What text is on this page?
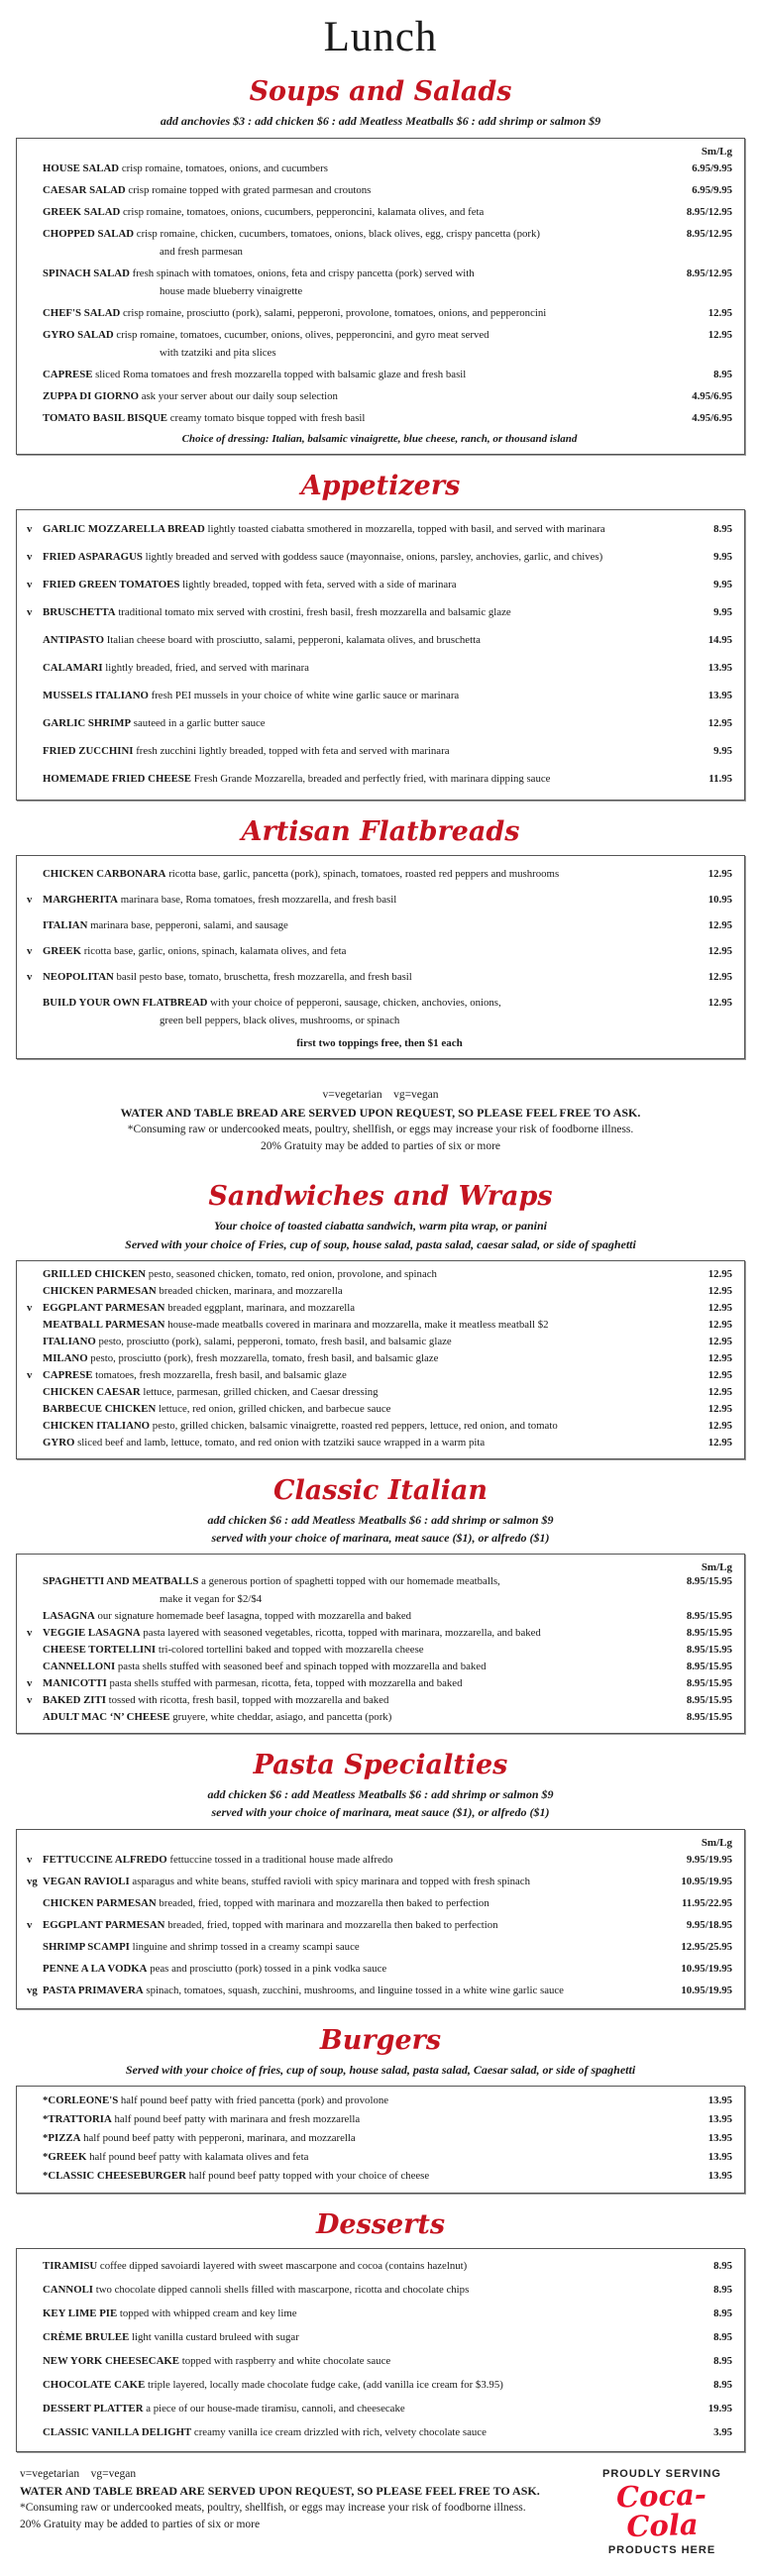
Lunch
Soups and Salads

add anchovies $3 : add chicken $6 : add Meatless Meatballs $6 : add shrimp or salmon $9

Sm/Lg
	HOUSE SALAD crisp romaine, tomatoes, onions, and cucumbers	6.95/9.95
	CAESAR SALAD crisp romaine topped with grated parmesan and croutons	6.95/9.95
	GREEK SALAD crisp romaine, tomatoes, onions, cucumbers, pepperoncini, kalamata olives, and feta	8.95/12.95
	CHOPPED SALAD crisp romaine, chicken, cucumbers, tomatoes, onions, black olives, egg, crispy pancetta (pork)
and fresh parmesan	8.95/12.95
	SPINACH SALAD fresh spinach with tomatoes, onions, feta and crispy pancetta (pork) served with
house made blueberry vinaigrette	8.95/12.95
	CHEF'S SALAD crisp romaine, prosciutto (pork), salami, pepperoni, provolone, tomatoes, onions, and pepperoncini	12.95
	GYRO SALAD crisp romaine, tomatoes, cucumber, onions, olives, pepperoncini, and gyro meat served
with tzatziki and pita slices	12.95
	CAPRESE sliced Roma tomatoes and fresh mozzarella topped with balsamic glaze and fresh basil	8.95
	ZUPPA DI GIORNO ask your server about our daily soup selection	4.95/6.95
	TOMATO BASIL BISQUE creamy tomato bisque topped with fresh basil	4.95/6.95
Choice of dressing: Italian, balsamic vinaigrette, blue cheese, ranch, or thousand island
Appetizers
v	GARLIC MOZZARELLA BREAD lightly toasted ciabatta smothered in mozzarella, topped with basil, and served with marinara	8.95
v	FRIED ASPARAGUS lightly breaded and served with goddess sauce (mayonnaise, onions, parsley, anchovies, garlic, and chives)	9.95
v	FRIED GREEN TOMATOES lightly breaded, topped with feta, served with a side of marinara	9.95
v	BRUSCHETTA traditional tomato mix served with crostini, fresh basil, fresh mozzarella and balsamic glaze	9.95
	ANTIPASTO Italian cheese board with prosciutto, salami, pepperoni, kalamata olives, and bruschetta	14.95
	CALAMARI lightly breaded, fried, and served with marinara	13.95
	MUSSELS ITALIANO fresh PEI mussels in your choice of white wine garlic sauce or marinara	13.95
	GARLIC SHRIMP sauteed in a garlic butter sauce	12.95
	FRIED ZUCCHINI fresh zucchini lightly breaded, topped with feta and served with marinara	9.95
	HOMEMADE FRIED CHEESE Fresh Grande Mozzarella, breaded and perfectly fried, with marinara dipping sauce	11.95
Artisan Flatbreads
	CHICKEN CARBONARA ricotta base, garlic, pancetta (pork), spinach, tomatoes, roasted red peppers and mushrooms	12.95
v	MARGHERITA marinara base, Roma tomatoes, fresh mozzarella, and fresh basil	10.95
	ITALIAN marinara base, pepperoni, salami, and sausage	12.95
v	GREEK ricotta base, garlic, onions, spinach, kalamata olives, and feta	12.95
v	NEOPOLITAN basil pesto base, tomato, bruschetta, fresh mozzarella, and fresh basil	12.95
	BUILD YOUR OWN FLATBREAD with your choice of pepperoni, sausage, chicken, anchovies, onions,
green bell peppers, black olives, mushrooms, or spinach	12.95
first two toppings free, then $1 each

v=vegetarian    vg=vegan

WATER AND TABLE BREAD ARE SERVED UPON REQUEST, SO PLEASE FEEL FREE TO ASK.

*Consuming raw or undercooked meats, poultry, shellfish, or eggs may increase your risk of foodborne illness.

20% Gratuity may be added to parties of six or more

Sandwiches and Wraps

Your choice of toasted ciabatta sandwich, warm pita wrap, or panini

Served with your choice of Fries, cup of soup, house salad, pasta salad, caesar salad, or side of spaghetti

	GRILLED CHICKEN pesto, seasoned chicken, tomato, red onion, provolone, and spinach	12.95
	CHICKEN PARMESAN breaded chicken, marinara, and mozzarella	12.95
v	EGGPLANT PARMESAN breaded eggplant, marinara, and mozzarella	12.95
	MEATBALL PARMESAN house-made meatballs covered in marinara and mozzarella, make it meatless meatball $2	12.95
	ITALIANO pesto, prosciutto (pork), salami, pepperoni, tomato, fresh basil, and balsamic glaze	12.95
	MILANO pesto, prosciutto (pork), fresh mozzarella, tomato, fresh basil, and balsamic glaze	12.95
v	CAPRESE tomatoes, fresh mozzarella, fresh basil, and balsamic glaze	12.95
	CHICKEN CAESAR lettuce, parmesan, grilled chicken, and Caesar dressing	12.95
	BARBECUE CHICKEN lettuce, red onion, grilled chicken, and barbecue sauce	12.95
	CHICKEN ITALIANO pesto, grilled chicken, balsamic vinaigrette, roasted red peppers, lettuce, red onion, and tomato	12.95
	GYRO sliced beef and lamb, lettuce, tomato, and red onion with tzatziki sauce wrapped in a warm pita	12.95
Classic Italian

add chicken $6 : add Meatless Meatballs $6 : add shrimp or salmon $9

served with your choice of marinara, meat sauce ($1), or alfredo ($1)

Sm/Lg
	SPAGHETTI AND MEATBALLS a generous portion of spaghetti topped with our homemade meatballs,
make it vegan for $2/$4	8.95/15.95
	LASAGNA our signature homemade beef lasagna, topped with mozzarella and baked	8.95/15.95
v	VEGGIE LASAGNA pasta layered with seasoned vegetables, ricotta, topped with marinara, mozzarella, and baked	8.95/15.95
	CHEESE TORTELLINI tri-colored tortellini baked and topped with mozzarella cheese	8.95/15.95
	CANNELLONI pasta shells stuffed with seasoned beef and spinach topped with mozzarella and baked	8.95/15.95
v	MANICOTTI pasta shells stuffed with parmesan, ricotta, feta, topped with mozzarella and baked	8.95/15.95
v	BAKED ZITI tossed with ricotta, fresh basil, topped with mozzarella and baked	8.95/15.95
	ADULT MAC ‘N’ CHEESE gruyere, white cheddar, asiago, and pancetta (pork)	8.95/15.95
Pasta Specialties

add chicken $6 : add Meatless Meatballs $6 : add shrimp or salmon $9

served with your choice of marinara, meat sauce ($1), or alfredo ($1)

Sm/Lg
v	FETTUCCINE ALFREDO fettuccine tossed in a traditional house made alfredo	9.95/19.95
vg	VEGAN RAVIOLI asparagus and white beans, stuffed ravioli with spicy marinara and topped with fresh spinach	10.95/19.95
	CHICKEN PARMESAN breaded, fried, topped with marinara and mozzarella then baked to perfection	11.95/22.95
v	EGGPLANT PARMESAN breaded, fried, topped with marinara and mozzarella then baked to perfection	9.95/18.95
	SHRIMP SCAMPI linguine and shrimp tossed in a creamy scampi sauce	12.95/25.95
	PENNE A LA VODKA peas and prosciutto (pork) tossed in a pink vodka sauce	10.95/19.95
vg	PASTA PRIMAVERA spinach, tomatoes, squash, zucchini, mushrooms, and linguine tossed in a white wine garlic sauce	10.95/19.95
Burgers

Served with your choice of fries, cup of soup, house salad, pasta salad, Caesar salad, or side of spaghetti

	*CORLEONE'S half pound beef patty with fried pancetta (pork) and provolone	13.95
	*TRATTORIA half pound beef patty with marinara and fresh mozzarella	13.95
	*PIZZA half pound beef patty with pepperoni, marinara, and mozzarella	13.95
	*GREEK half pound beef patty with kalamata olives and feta	13.95
	*CLASSIC CHEESEBURGER half pound beef patty topped with your choice of cheese	13.95
Desserts
	TIRAMISU coffee dipped savoiardi layered with sweet mascarpone and cocoa (contains hazelnut)	8.95
	CANNOLI two chocolate dipped cannoli shells filled with mascarpone, ricotta and chocolate chips	8.95
	KEY LIME PIE topped with whipped cream and key lime	8.95
	CRÈME BRULEE light vanilla custard bruleed with sugar	8.95
	NEW YORK CHEESECAKE topped with raspberry and white chocolate sauce	8.95
	CHOCOLATE CAKE triple layered, locally made chocolate fudge cake, (add vanilla ice cream for $3.95)	8.95
	DESSERT PLATTER a piece of our house-made tiramisu, cannoli, and cheesecake	19.95
	CLASSIC VANILLA DELIGHT creamy vanilla ice cream drizzled with rich, velvety chocolate sauce	3.95

v=vegetarian    vg=vegan

WATER AND TABLE BREAD ARE SERVED UPON REQUEST, SO PLEASE FEEL FREE TO ASK.

*Consuming raw or undercooked meats, poultry, shellfish, or eggs may increase your risk of foodborne illness.

20% Gratuity may be added to parties of six or more

PROUDLY SERVING
Coca-Cola
PRODUCTS HERE
